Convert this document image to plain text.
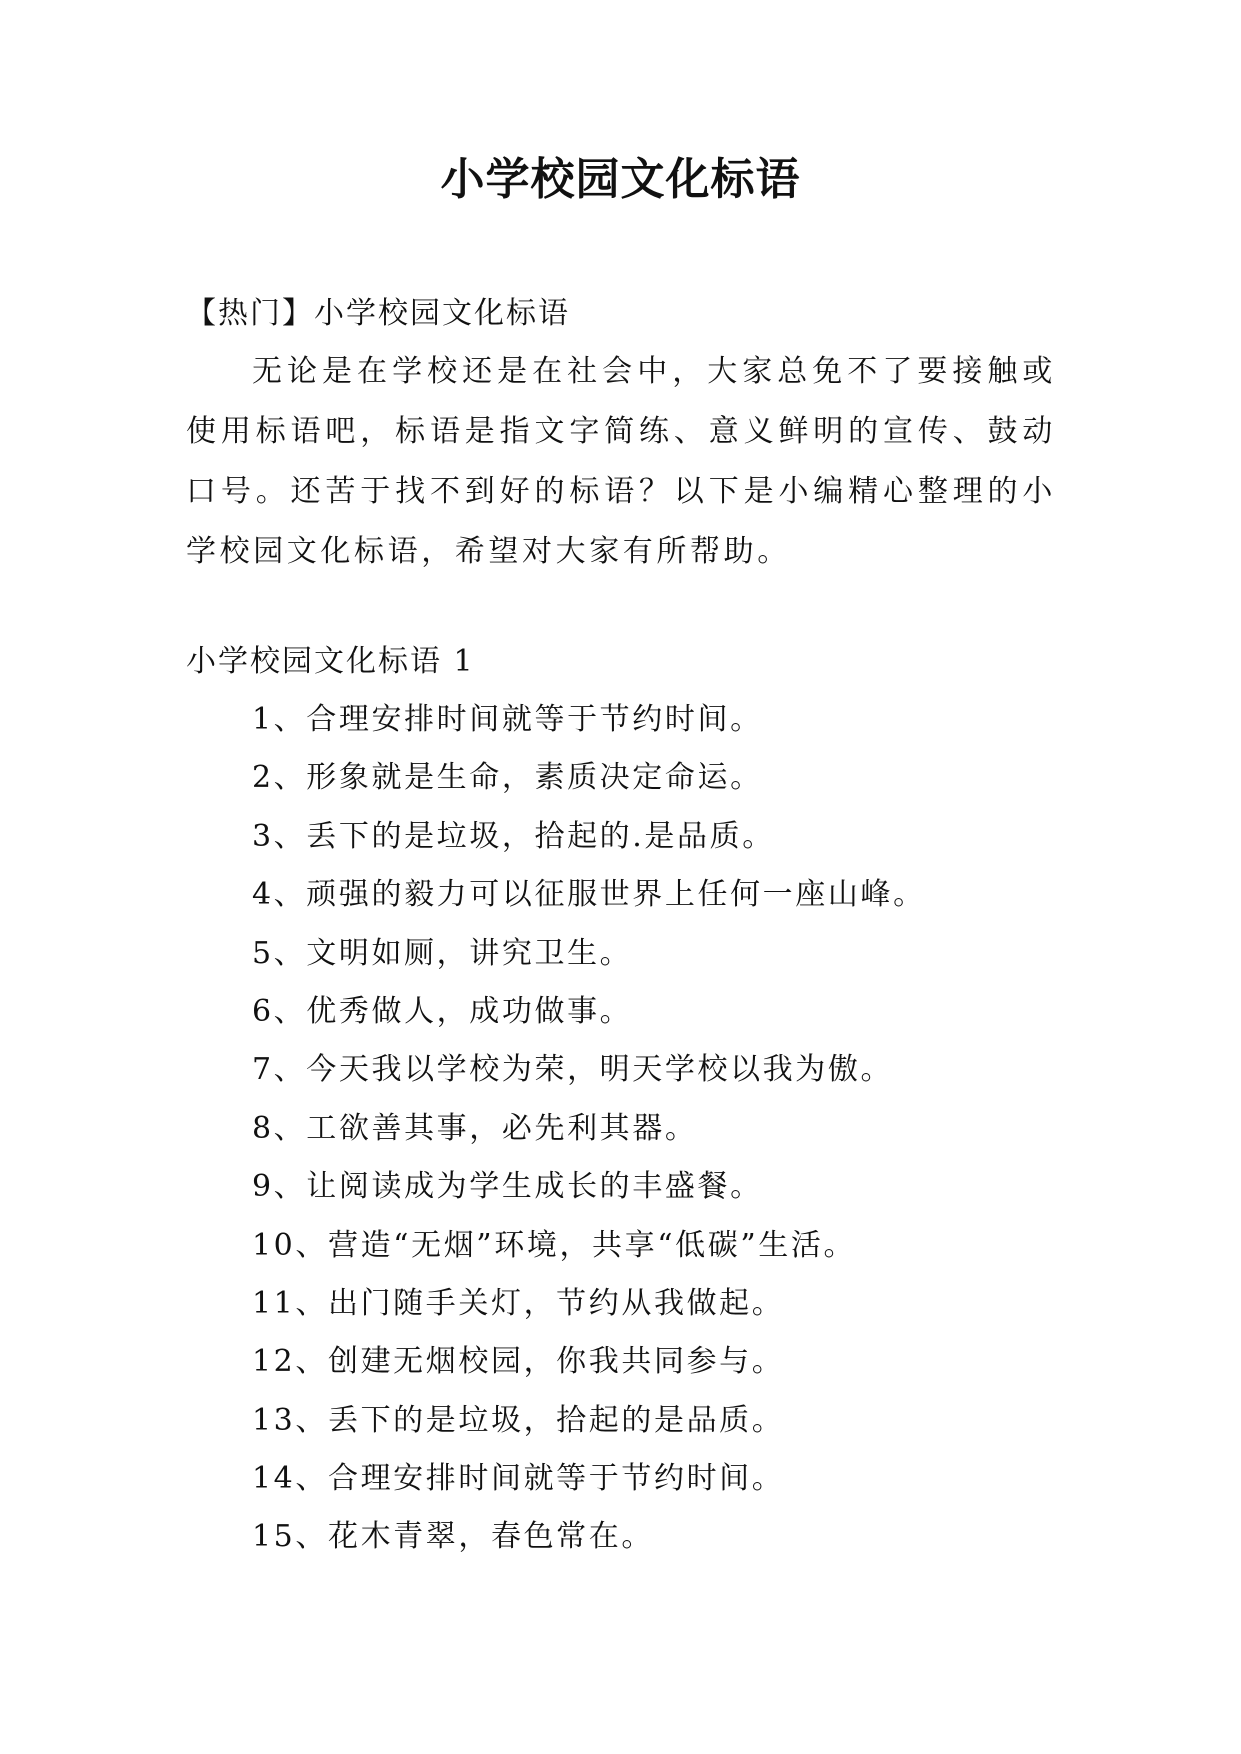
小学校园文化标语
【热门】小学校园文化标语

无论是在学校还是在社会中，大家总免不了要接触或使用标语吧，标语是指文字简练、意义鲜明的宣传、鼓动口号。还苦于找不到好的标语？以下是小编精心整理的小学校园文化标语，希望对大家有所帮助。

小学校园文化标语 1
1、合理安排时间就等于节约时间。
2、形象就是生命，素质决定命运。
3、丢下的是垃圾，拾起的.是品质。
4、顽强的毅力可以征服世界上任何一座山峰。
5、文明如厕，讲究卫生。
6、优秀做人，成功做事。
7、今天我以学校为荣，明天学校以我为傲。
8、工欲善其事，必先利其器。
9、让阅读成为学生成长的丰盛餐。
10、营造“无烟”环境，共享“低碳”生活。
11、出门随手关灯，节约从我做起。
12、创建无烟校园，你我共同参与。
13、丢下的是垃圾，拾起的是品质。
14、合理安排时间就等于节约时间。
15、花木青翠，春色常在。
